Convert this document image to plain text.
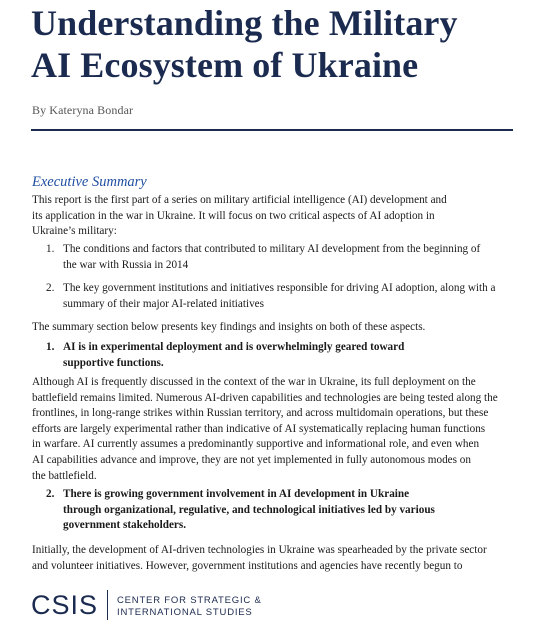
Understanding the Military
AI Ecosystem of Ukraine
By Kateryna Bondar
Executive Summary
This report is the first part of a series on military artificial intelligence (AI) development and
its application in the war in Ukraine. It will focus on two critical aspects of AI adoption in
Ukraine’s military:
1. The conditions and factors that contributed to military AI development from the beginning of
the war with Russia in 2014
2. The key government institutions and initiatives responsible for driving AI adoption, along with a
summary of their major AI-related initiatives
The summary section below presents key findings and insights on both of these aspects.
1. AI is in experimental deployment and is overwhelmingly geared toward
supportive functions.
Although AI is frequently discussed in the context of the war in Ukraine, its full deployment on the
battlefield remains limited. Numerous AI-driven capabilities and technologies are being tested along the
frontlines, in long-range strikes within Russian territory, and across multidomain operations, but these
efforts are largely experimental rather than indicative of AI systematically replacing human functions
in warfare. AI currently assumes a predominantly supportive and informational role, and even when
AI capabilities advance and improve, they are not yet implemented in fully autonomous modes on
the battlefield.
2. There is growing government involvement in AI development in Ukraine
through organizational, regulative, and technological initiatives led by various
government stakeholders.
Initially, the development of AI-driven technologies in Ukraine was spearheaded by the private sector
and volunteer initiatives. However, government institutions and agencies have recently begun to
CSIS CENTER FOR STRATEGIC &
INTERNATIONAL STUDIES
